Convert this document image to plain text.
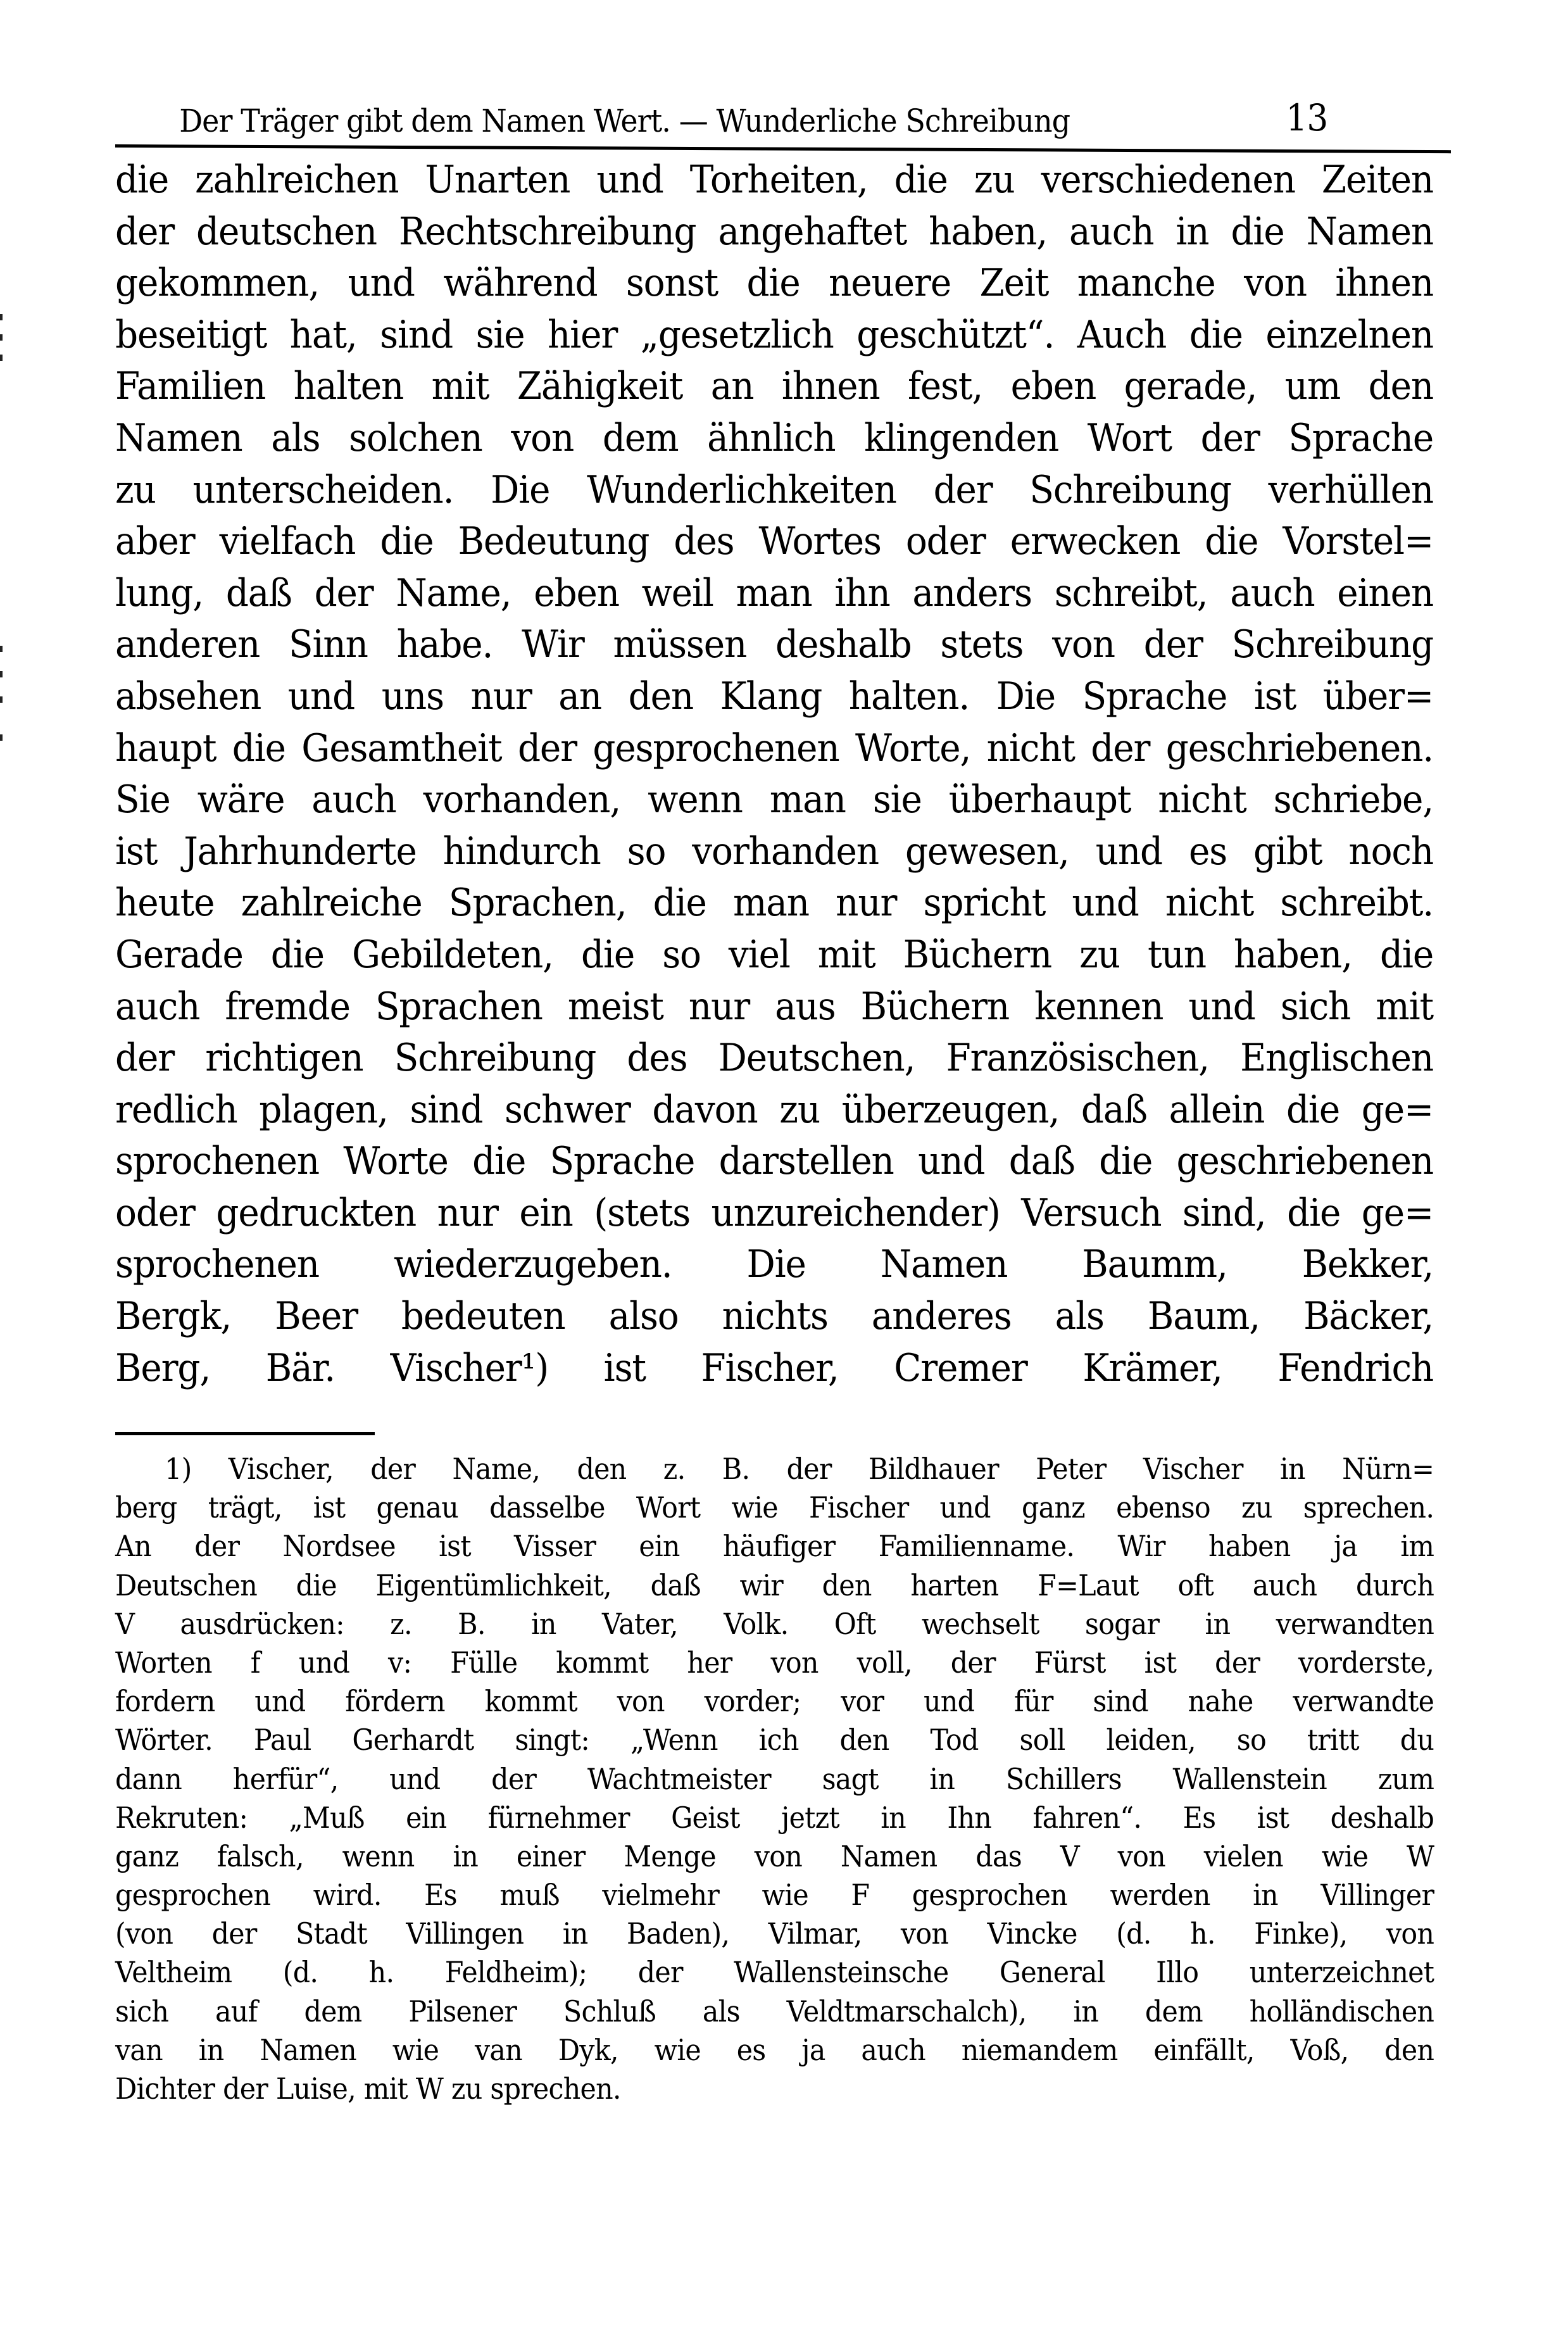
Der Träger gibt dem Namen Wert. — Wunderliche Schreibung	13
die zahlreichen Unarten und Torheiten, die zu verschiedenen Zeiten
der deutschen Rechtschreibung angehaftet haben, auch in die Namen
gekommen, und während sonst die neuere Zeit manche von ihnen
beseitigt hat, sind sie hier „gesetzlich geschützt“. Auch die einzelnen
Familien halten mit Zähigkeit an ihnen fest, eben gerade, um den
Namen als solchen von dem ähnlich klingenden Wort der Sprache
zu unterscheiden. Die Wunderlichkeiten der Schreibung verhüllen
aber vielfach die Bedeutung des Wortes oder erwecken die Vorstel=
lung, daß der Name, eben weil man ihn anders schreibt, auch einen
anderen Sinn habe. Wir müssen deshalb stets von der Schreibung
absehen und uns nur an den Klang halten. Die Sprache ist über=
haupt die Gesamtheit der gesprochenen Worte, nicht der geschriebenen.
Sie wäre auch vorhanden, wenn man sie überhaupt nicht schriebe,
ist Jahrhunderte hindurch so vorhanden gewesen, und es gibt noch
heute zahlreiche Sprachen, die man nur spricht und nicht schreibt.
Gerade die Gebildeten, die so viel mit Büchern zu tun haben, die
auch fremde Sprachen meist nur aus Büchern kennen und sich mit
der richtigen Schreibung des Deutschen, Französischen, Englischen
redlich plagen, sind schwer davon zu überzeugen, daß allein die ge=
sprochenen Worte die Sprache darstellen und daß die geschriebenen
oder gedruckten nur ein (stets unzureichender) Versuch sind, die ge=
sprochenen wiederzugeben. Die Namen Baumm, Bekker,
Bergk, Beer bedeuten also nichts anderes als Baum, Bäcker,
Berg, Bär. Vischer¹) ist Fischer, Cremer Krämer, Fendrich
1) Vischer, der Name, den z. B. der Bildhauer Peter Vischer in Nürn=
berg trägt, ist genau dasselbe Wort wie Fischer und ganz ebenso zu sprechen.
An der Nordsee ist Visser ein häufiger Familienname. Wir haben ja im
Deutschen die Eigentümlichkeit, daß wir den harten F=Laut oft auch durch
V ausdrücken: z. B. in Vater, Volk. Oft wechselt sogar in verwandten
Worten f und v: Fülle kommt her von voll, der Fürst ist der vorderste,
fordern und fördern kommt von vorder; vor und für sind nahe verwandte
Wörter. Paul Gerhardt singt: „Wenn ich den Tod soll leiden, so tritt du
dann herfür“, und der Wachtmeister sagt in Schillers Wallenstein zum
Rekruten: „Muß ein fürnehmer Geist jetzt in Ihn fahren“. Es ist deshalb
ganz falsch, wenn in einer Menge von Namen das V von vielen wie W
gesprochen wird. Es muß vielmehr wie F gesprochen werden in Villinger
(von der Stadt Villingen in Baden), Vilmar, von Vincke (d. h. Finke), von
Veltheim (d. h. Feldheim); der Wallensteinsche General Illo unterzeichnet
sich auf dem Pilsener Schluß als Veldtmarschalch), in dem holländischen
van in Namen wie van Dyk, wie es ja auch niemandem einfällt, Voß, den
Dichter der Luise, mit W zu sprechen.
